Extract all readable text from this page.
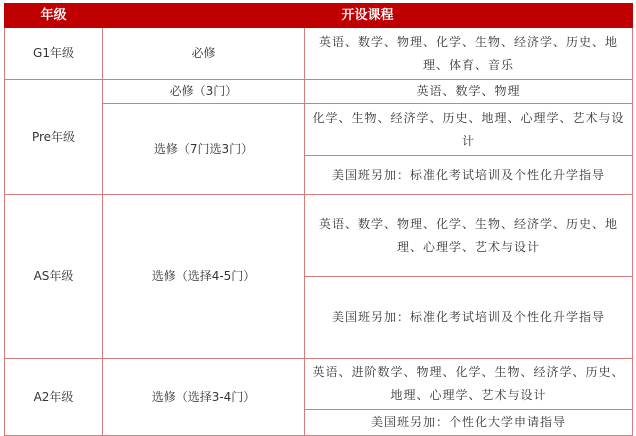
年级	开设课程	
G1年级	必修	英语、数学、物理、化学、生物、经济学、历史、地理、体育、音乐
Pre年级	必修（3门）	英语、数学、物理
	选修（7门选3门）	化学、生物、经济学、历史、地理、心理学、艺术与设计
		美国班另加：标准化考试培训及个性化升学指导
AS年级	选修（选择4-5门）	英语、数学、物理、化学、生物、经济学、历史、地理、心理学、艺术与设计
		美国班另加：标准化考试培训及个性化升学指导
A2年级	选修（选择3-4门）	英语、进阶数学、物理、化学、生物、经济学、历史、地理、心理学、艺术与设计
		美国班另加：个性化大学申请指导
